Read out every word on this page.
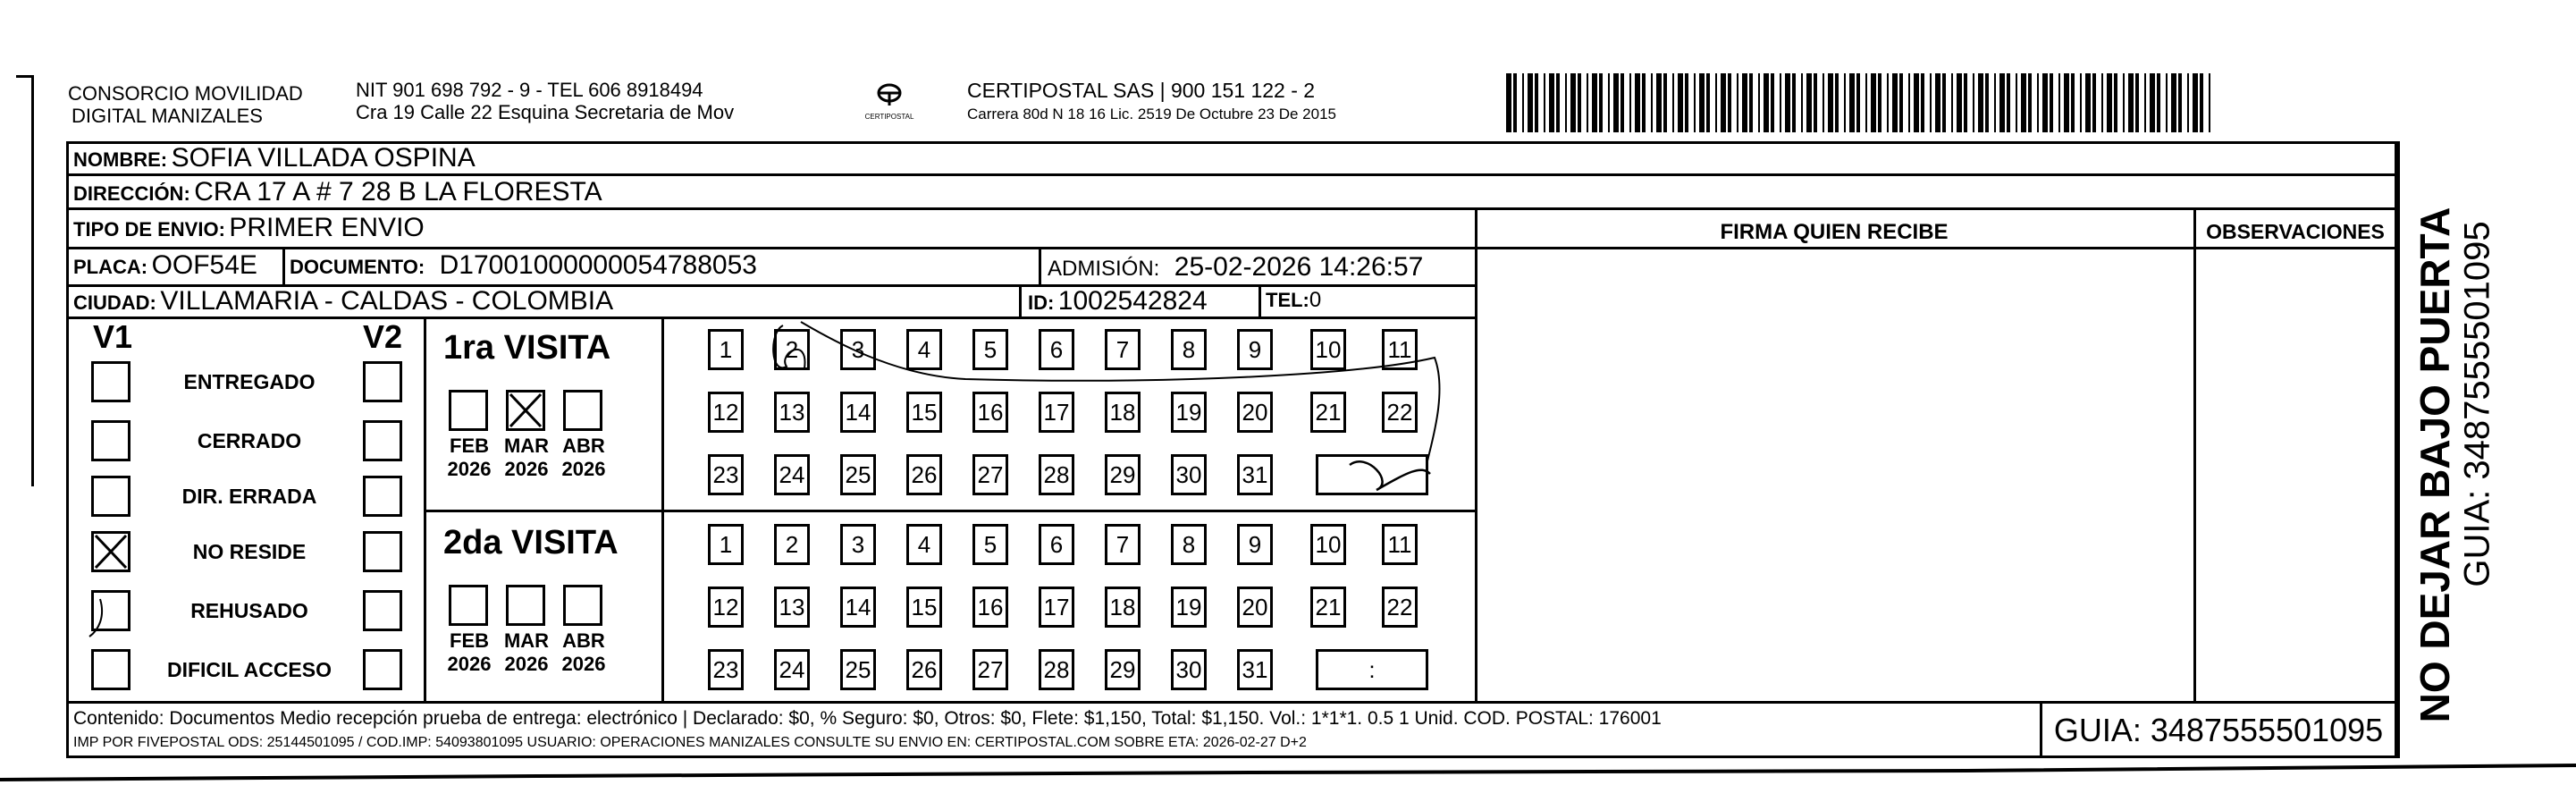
CONSORCIO MOVILIDAD
DIGITAL MANIZALES
NIT 901 698 792 - 9 - TEL 606 8918494
Cra 19 Calle 22 Esquina Secretaria de Mov	CERTIPOSTAL
CERTIPOSTAL SAS | 900 151 122 - 2
Carrera 80d N 18 16 Lic. 2519 De Octubre 23 De 2015
NOMBRE: SOFIA VILLADA OSPINA
DIRECCIÓN: CRA 17 A # 7 28 B LA FLORESTA
TIPO DE ENVIO: PRIMER ENVIO	FIRMA QUIEN RECIBE	OBSERVACIONES
PLACA: OOF54E DOCUMENTO: D17001000000054788053	ADMISIÓN: 25-02-2026 14:26:57
CIUDAD: VILLAMARIA - CALDAS - COLOMBIA	ID: 1002542824	TEL:0
V1	V2
ENTREGADO
CERRADO
DIR. ERRADA
NO RESIDE
REHUSADO
DIFICIL ACCESO
1ra VISITA
FEB
2026
MAR
2026
ABR
2026
1	2	3	4	5	6	7	8	9	10 11
12 13 14 15 16 17 18 19 20 21 22
23 24 25 26 27 28 29 30 31
2da VISITA
FEB
2026
MAR
2026
ABR
2026
1	2	3	4	5	6	7	8	9	10 11
12 13 14 15 16 17 18 19 20 21 22
23 24 25 26 27 28 29 30 31	:
Contenido: Documentos Medio recepción prueba de entrega: electrónico | Declarado: $0, % Seguro: $0, Otros: $0, Flete: $1,150, Total: $1,150. Vol.: 1*1*1. 0.5 1 Unid. COD. POSTAL: 176001
IMP POR FIVEPOSTAL ODS: 25144501095 / COD.IMP: 54093801095 USUARIO: OPERACIONES MANIZALES CONSULTE SU ENVIO EN: CERTIPOSTAL.COM SOBRE ETA: 2026-02-27 D+2	GUIA: 3487555501095
NO DEJAR BAJO PUERTA GUIA: 3487555501095
